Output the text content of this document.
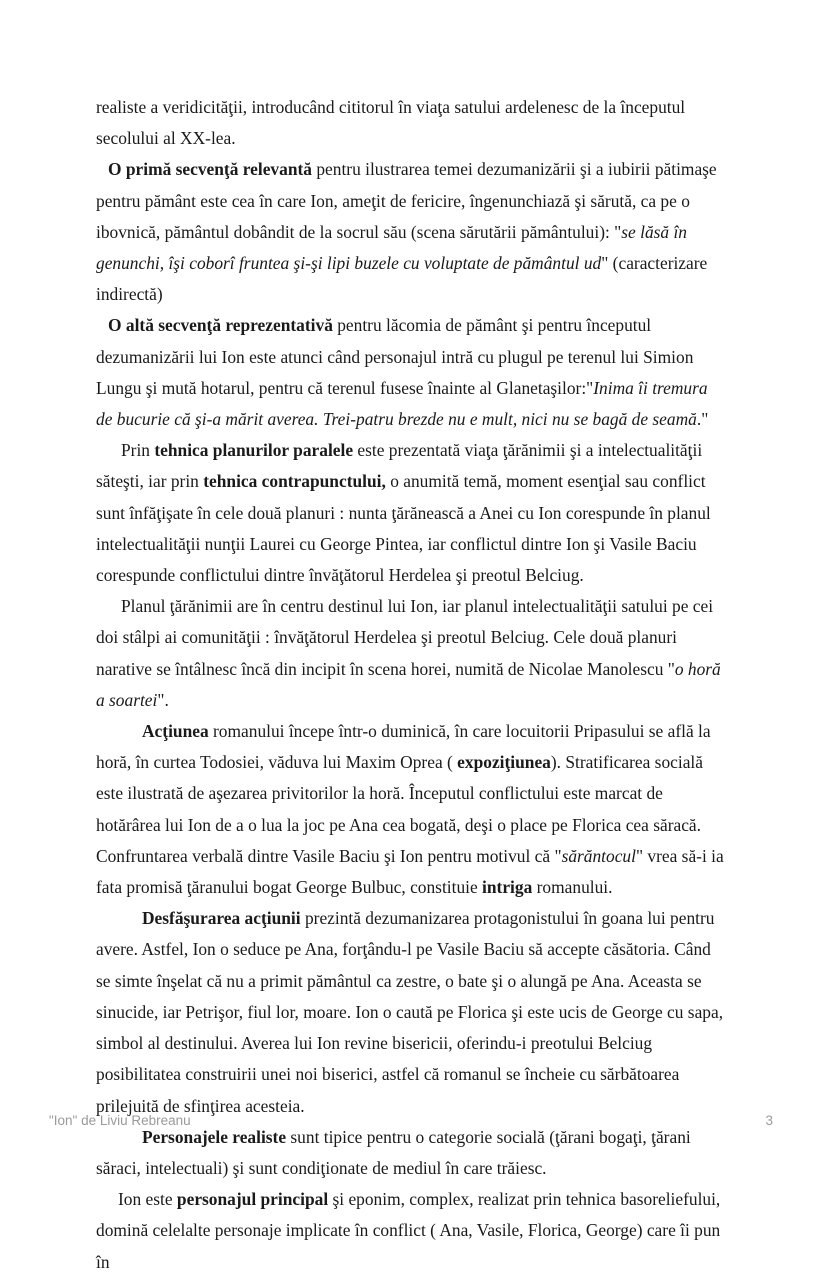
realiste a veridicităţii, introducând cititorul în viaţa satului ardelenesc de la începutul secolului al XX-lea.

O primă secvenţă relevantă pentru ilustrarea temei dezumanizării şi a iubirii pătimaşe pentru pământ este cea în care Ion, ameţit de fericire, îngenunchiază şi sărută, ca pe o ibovnică, pământul dobândit de la socrul său (scena sărutării pământului): "se lăsă în genunchi, îşi coborî fruntea şi-şi lipi buzele cu voluptate de pământul ud" (caracterizare indirectă)

O altă secvenţă reprezentativă pentru lăcomia de pământ şi pentru începutul dezumanizării lui Ion este atunci când personajul intră cu plugul pe terenul lui Simion Lungu şi mută hotarul, pentru că terenul fusese înainte al Glanetaşilor:"Inima îi tremura de bucurie că şi-a mărit averea. Trei-patru brezde nu e mult, nici nu se bagă de seamă."

Prin tehnica planurilor paralele este prezentată viaţa ţărănimii şi a intelectualităţii săteşti, iar prin tehnica contrapunctului, o anumită temă, moment esenţial sau conflict sunt înfăţişate în cele două planuri : nunta ţărănească a Anei cu Ion corespunde în planul intelectualităţii nunţii Laurei cu George Pintea, iar conflictul dintre Ion şi Vasile Baciu corespunde conflictului dintre învăţătorul Herdelea şi preotul Belciug.

Planul ţărănimii are în centru destinul lui Ion, iar planul intelectualităţii satului pe cei doi stâlpi ai comunităţii : învăţătorul Herdelea şi preotul Belciug. Cele două planuri narative se întâlnesc încă din incipit în scena horei, numită de Nicolae Manolescu "o horă a soartei".

Acţiunea romanului începe într-o duminică, în care locuitorii Pripasului se află la horă, în curtea Todosiei, văduva lui Maxim Oprea ( expoziţiunea). Stratificarea socială este ilustrată de aşezarea privitorilor la horă. Începutul conflictului este marcat de hotărârea lui Ion de a o lua la joc pe Ana cea bogată, deşi o place pe Florica cea săracă. Confruntarea verbală dintre Vasile Baciu şi Ion pentru motivul că "sărăntocul" vrea să-i ia fata promisă ţăranului bogat George Bulbuc, constituie intriga romanului.

Desfăşurarea acţiunii prezintă dezumanizarea protagonistului în goana lui pentru avere. Astfel, Ion o seduce pe Ana, forţându-l pe Vasile Baciu să accepte căsătoria. Când se simte înşelat că nu a primit pământul ca zestre, o bate şi o alungă pe Ana. Aceasta se sinucide, iar Petrişor, fiul lor, moare. Ion o caută pe Florica şi este ucis de George cu sapa, simbol al destinului. Averea lui Ion revine bisericii, oferindu-i preotului Belciug posibilitatea construirii unei noi biserici, astfel că romanul se încheie cu sărbătoarea prilejuită de sfinţirea acesteia.

Personajele realiste sunt tipice pentru o categorie socială (ţărani bogaţi, ţărani săraci, intelectuali) şi sunt condiţionate de mediul în care trăiesc.

Ion este personajul principal şi eponim, complex, realizat prin tehnica basoreliefului, domină celelalte personaje implicate în conflict ( Ana, Vasile, Florica, George) care îi pun în

"Ion" de Liviu Rebreanu	3
